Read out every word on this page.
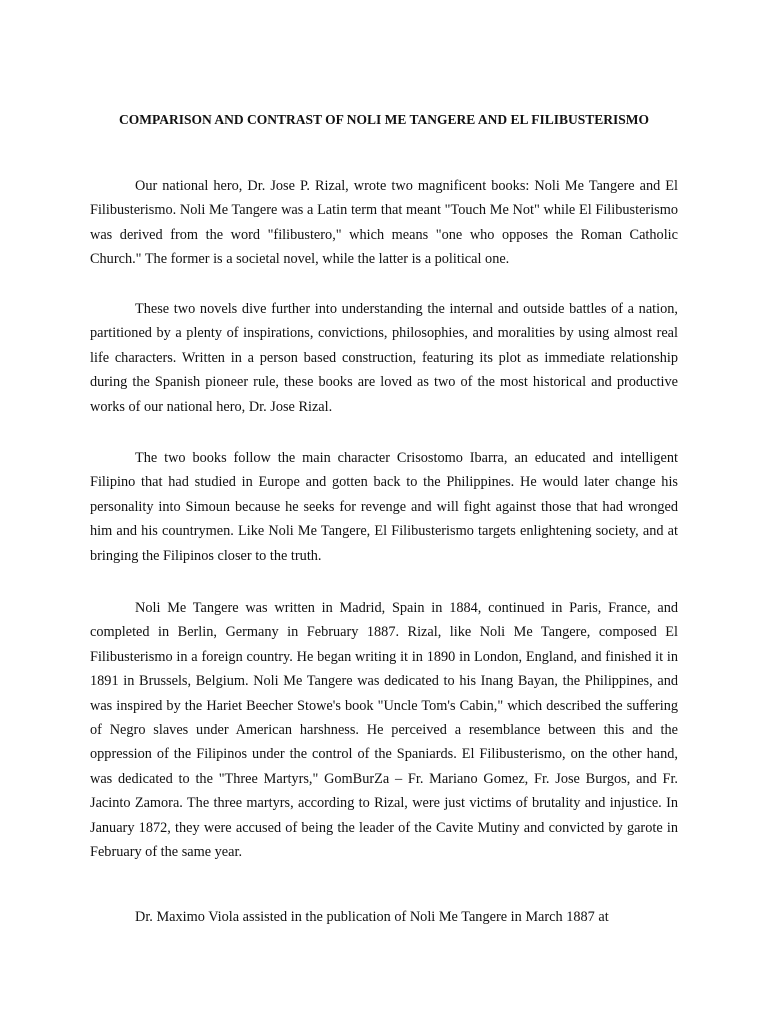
COMPARISON AND CONTRAST OF NOLI ME TANGERE AND EL FILIBUSTERISMO

Our national hero, Dr. Jose P. Rizal, wrote two magnificent books: Noli Me Tangere and El Filibusterismo. Noli Me Tangere was a Latin term that meant "Touch Me Not" while El Filibusterismo was derived from the word "filibustero," which means "one who opposes the Roman Catholic Church." The former is a societal novel, while the latter is a political one.

These two novels dive further into understanding the internal and outside battles of a nation, partitioned by a plenty of inspirations, convictions, philosophies, and moralities by using almost real life characters. Written in a person based construction, featuring its plot as immediate relationship during the Spanish pioneer rule, these books are loved as two of the most historical and productive works of our national hero, Dr. Jose Rizal.

The two books follow the main character Crisostomo Ibarra, an educated and intelligent Filipino that had studied in Europe and gotten back to the Philippines. He would later change his personality into Simoun because he seeks for revenge and will fight against those that had wronged him and his countrymen. Like Noli Me Tangere, El Filibusterismo targets enlightening society, and at bringing the Filipinos closer to the truth.

Noli Me Tangere was written in Madrid, Spain in 1884, continued in Paris, France, and completed in Berlin, Germany in February 1887. Rizal, like Noli Me Tangere, composed El Filibusterismo in a foreign country. He began writing it in 1890 in London, England, and finished it in 1891 in Brussels, Belgium. Noli Me Tangere was dedicated to his Inang Bayan, the Philippines, and was inspired by the Hariet Beecher Stowe's book "Uncle Tom's Cabin," which described the suffering of Negro slaves under American harshness. He perceived a resemblance between this and the oppression of the Filipinos under the control of the Spaniards. El Filibusterismo, on the other hand, was dedicated to the "Three Martyrs," GomBurZa – Fr. Mariano Gomez, Fr. Jose Burgos, and Fr. Jacinto Zamora. The three martyrs, according to Rizal, were just victims of brutality and injustice. In January 1872, they were accused of being the leader of the Cavite Mutiny and convicted by garote in February of the same year.

Dr. Maximo Viola assisted in the publication of Noli Me Tangere in March 1887 at
